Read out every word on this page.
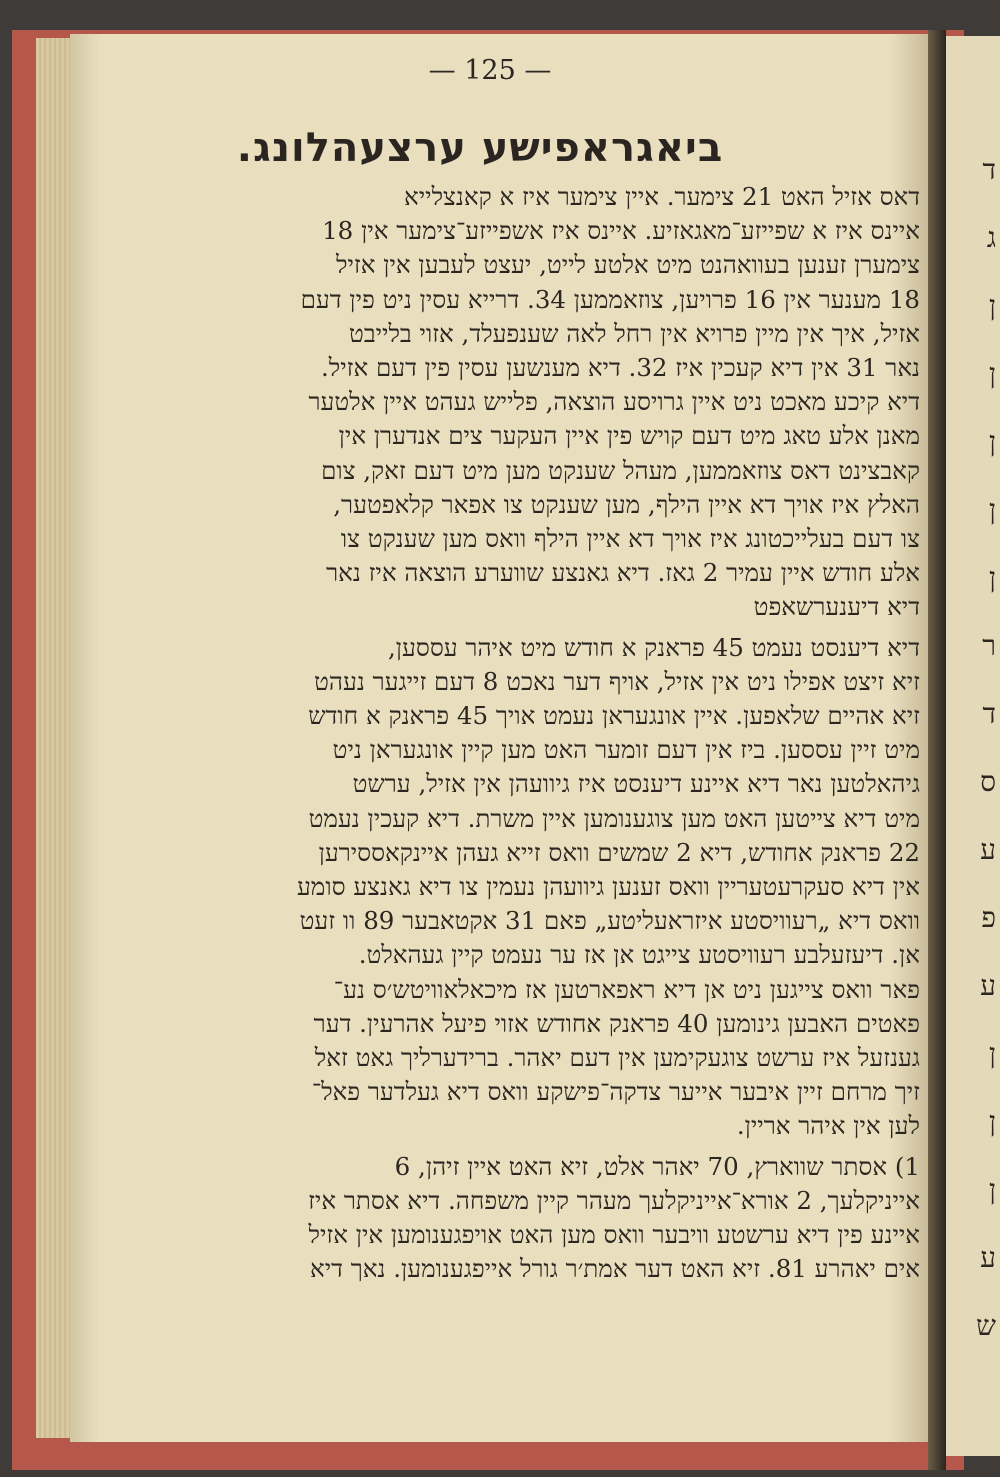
ד
ג
ן
ן
ן
ן
ן
ר
ד
ס
ע
פ
ע
ן
ן
ן
ע
ש
— 125 —
ביאגראפישע ערצעהלונג.

דאס אזיל האט 21 צימער. איין צימער איז א קאנצלייא
איינס איז א שפייזע־מאגאזיע. איינס איז אשפייזע־צימער אין 18
צימערן זענען בעוואהנט מיט אלטע לייט, יעצט לעבען אין אזיל
18 מענער אין 16 פרויען, צוזאממען 34. דרייא עסין ניט פין דעם
אזיל, איך אין מיין פרויא אין רחל לאה שענפעלד, אזוי בלייבט
נאר 31 אין דיא קעכין איז 32. דיא מענשען עסין פין דעם אזיל.
דיא קיכע מאכט ניט איין גרויסע הוצאה, פלייש געהט איין אלטער
מאנן אלע טאג מיט דעם קויש פין איין העקער צים אנדערן אין
קאבצינט דאס צוזאממען, מעהל שענקט מען מיט דעם זאק, צום
האלץ איז אויך דא איין הילף, מען שענקט צו אפאר קלאפטער,
צו דעם בעלייכטונג איז אויך דא איין הילף וואס מען שענקט צו
אלע חודש איין עמיר 2 גאז. דיא גאנצע שווערע הוצאה איז נאר
דיא דיענערשאפט

דיא דיענסט נעמט 45 פראנק א חודש מיט איהר עססען,
זיא זיצט אפילו ניט אין אזיל, אויף דער נאכט 8 דעם זייגער נעהט
זיא אהיים שלאפען. איין אונגעראן נעמט אויך 45 פראנק א חודש
מיט זיין עססען. ביז אין דעם זומער האט מען קיין אונגעראן ניט
גיהאלטען נאר דיא איינע דיענסט איז גיוועהן אין אזיל, ערשט
מיט דיא צייטען האט מען צוגענומען איין משרת. דיא קעכין נעמט
22 פראנק אחודש, דיא 2 שמשים וואס זייא געהן איינקאססירען
אין דיא סעקרעטעריין וואס זענען גיוועהן נעמין צו דיא גאנצע סומע
וואס דיא „רעוויסטע איזראעליטע„ פאם 31 אקטאבער 89 וו זעט
אן. דיעזעלבע רעוויסטע צייגט אן אז ער נעמט קיין געהאלט.
פאר וואס צייגען ניט אן דיא ראפארטען אז מיכאלאוויטש׳ס נע־
פאטים האבען גינומען 40 פראנק אחודש אזוי פיעל אהרעין. דער
גענזעל איז ערשט צוגעקימען אין דעם יאהר. ברידערליך גאט זאל
זיך מרחם זיין איבער אייער צדקה־פישקע וואס דיא געלדער פאל־
לען אין איהר אריין.

1) אסתר שווארץ, 70 יאהר אלט, זיא האט איין זיהן, 6
אייניקלעך, 2 אורא־אייניקלעך מעהר קיין משפחה. דיא אסתר איז
איינע פין דיא ערשטע וויבער וואס מען האט אויפגענומען אין אזיל
אים יאהרע 81. זיא האט דער אמת׳ר גורל אייפגענומען. נאך דיא
